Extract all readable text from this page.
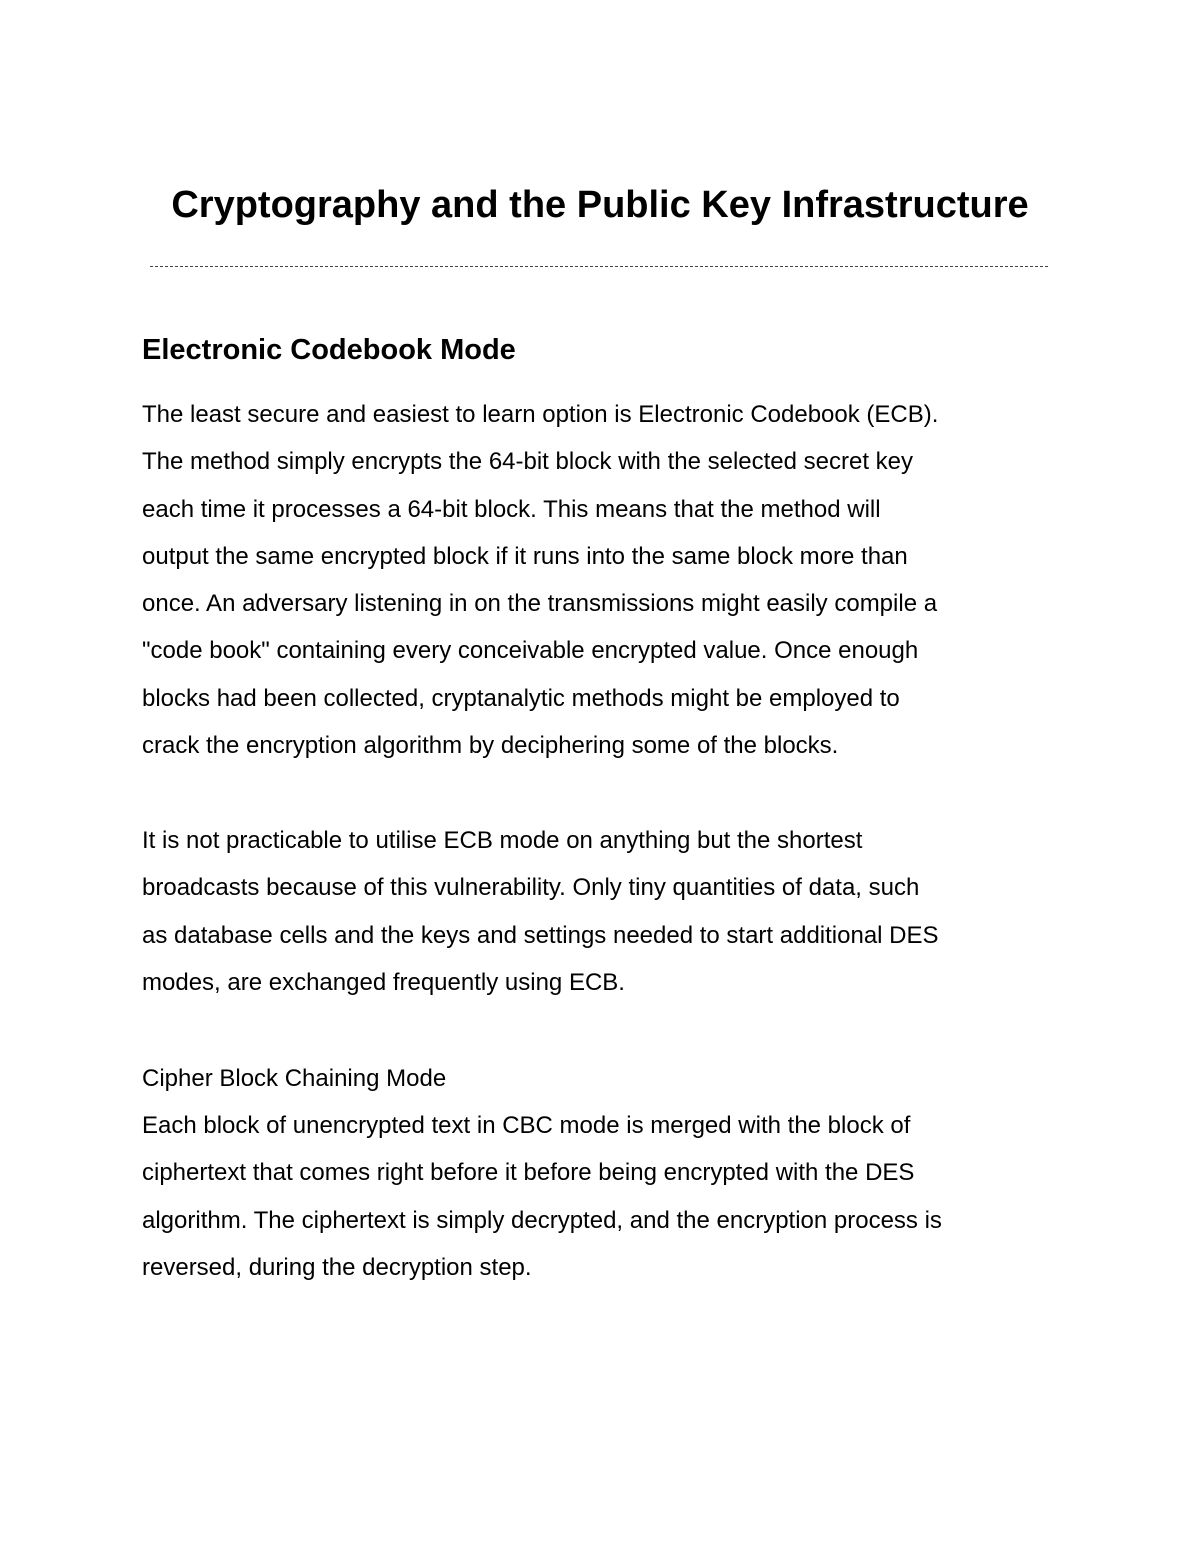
Cryptography and the Public Key Infrastructure
Electronic Codebook Mode

The least secure and easiest to learn option is Electronic Codebook (ECB).
The method simply encrypts the 64-bit block with the selected secret key
each time it processes a 64-bit block. This means that the method will
output the same encrypted block if it runs into the same block more than
once. An adversary listening in on the transmissions might easily compile a
"code book" containing every conceivable encrypted value. Once enough
blocks had been collected, cryptanalytic methods might be employed to
crack the encryption algorithm by deciphering some of the blocks.

It is not practicable to utilise ECB mode on anything but the shortest
broadcasts because of this vulnerability. Only tiny quantities of data, such
as database cells and the keys and settings needed to start additional DES
modes, are exchanged frequently using ECB.

Cipher Block Chaining Mode

Each block of unencrypted text in CBC mode is merged with the block of
ciphertext that comes right before it before being encrypted with the DES
algorithm. The ciphertext is simply decrypted, and the encryption process is
reversed, during the decryption step.
